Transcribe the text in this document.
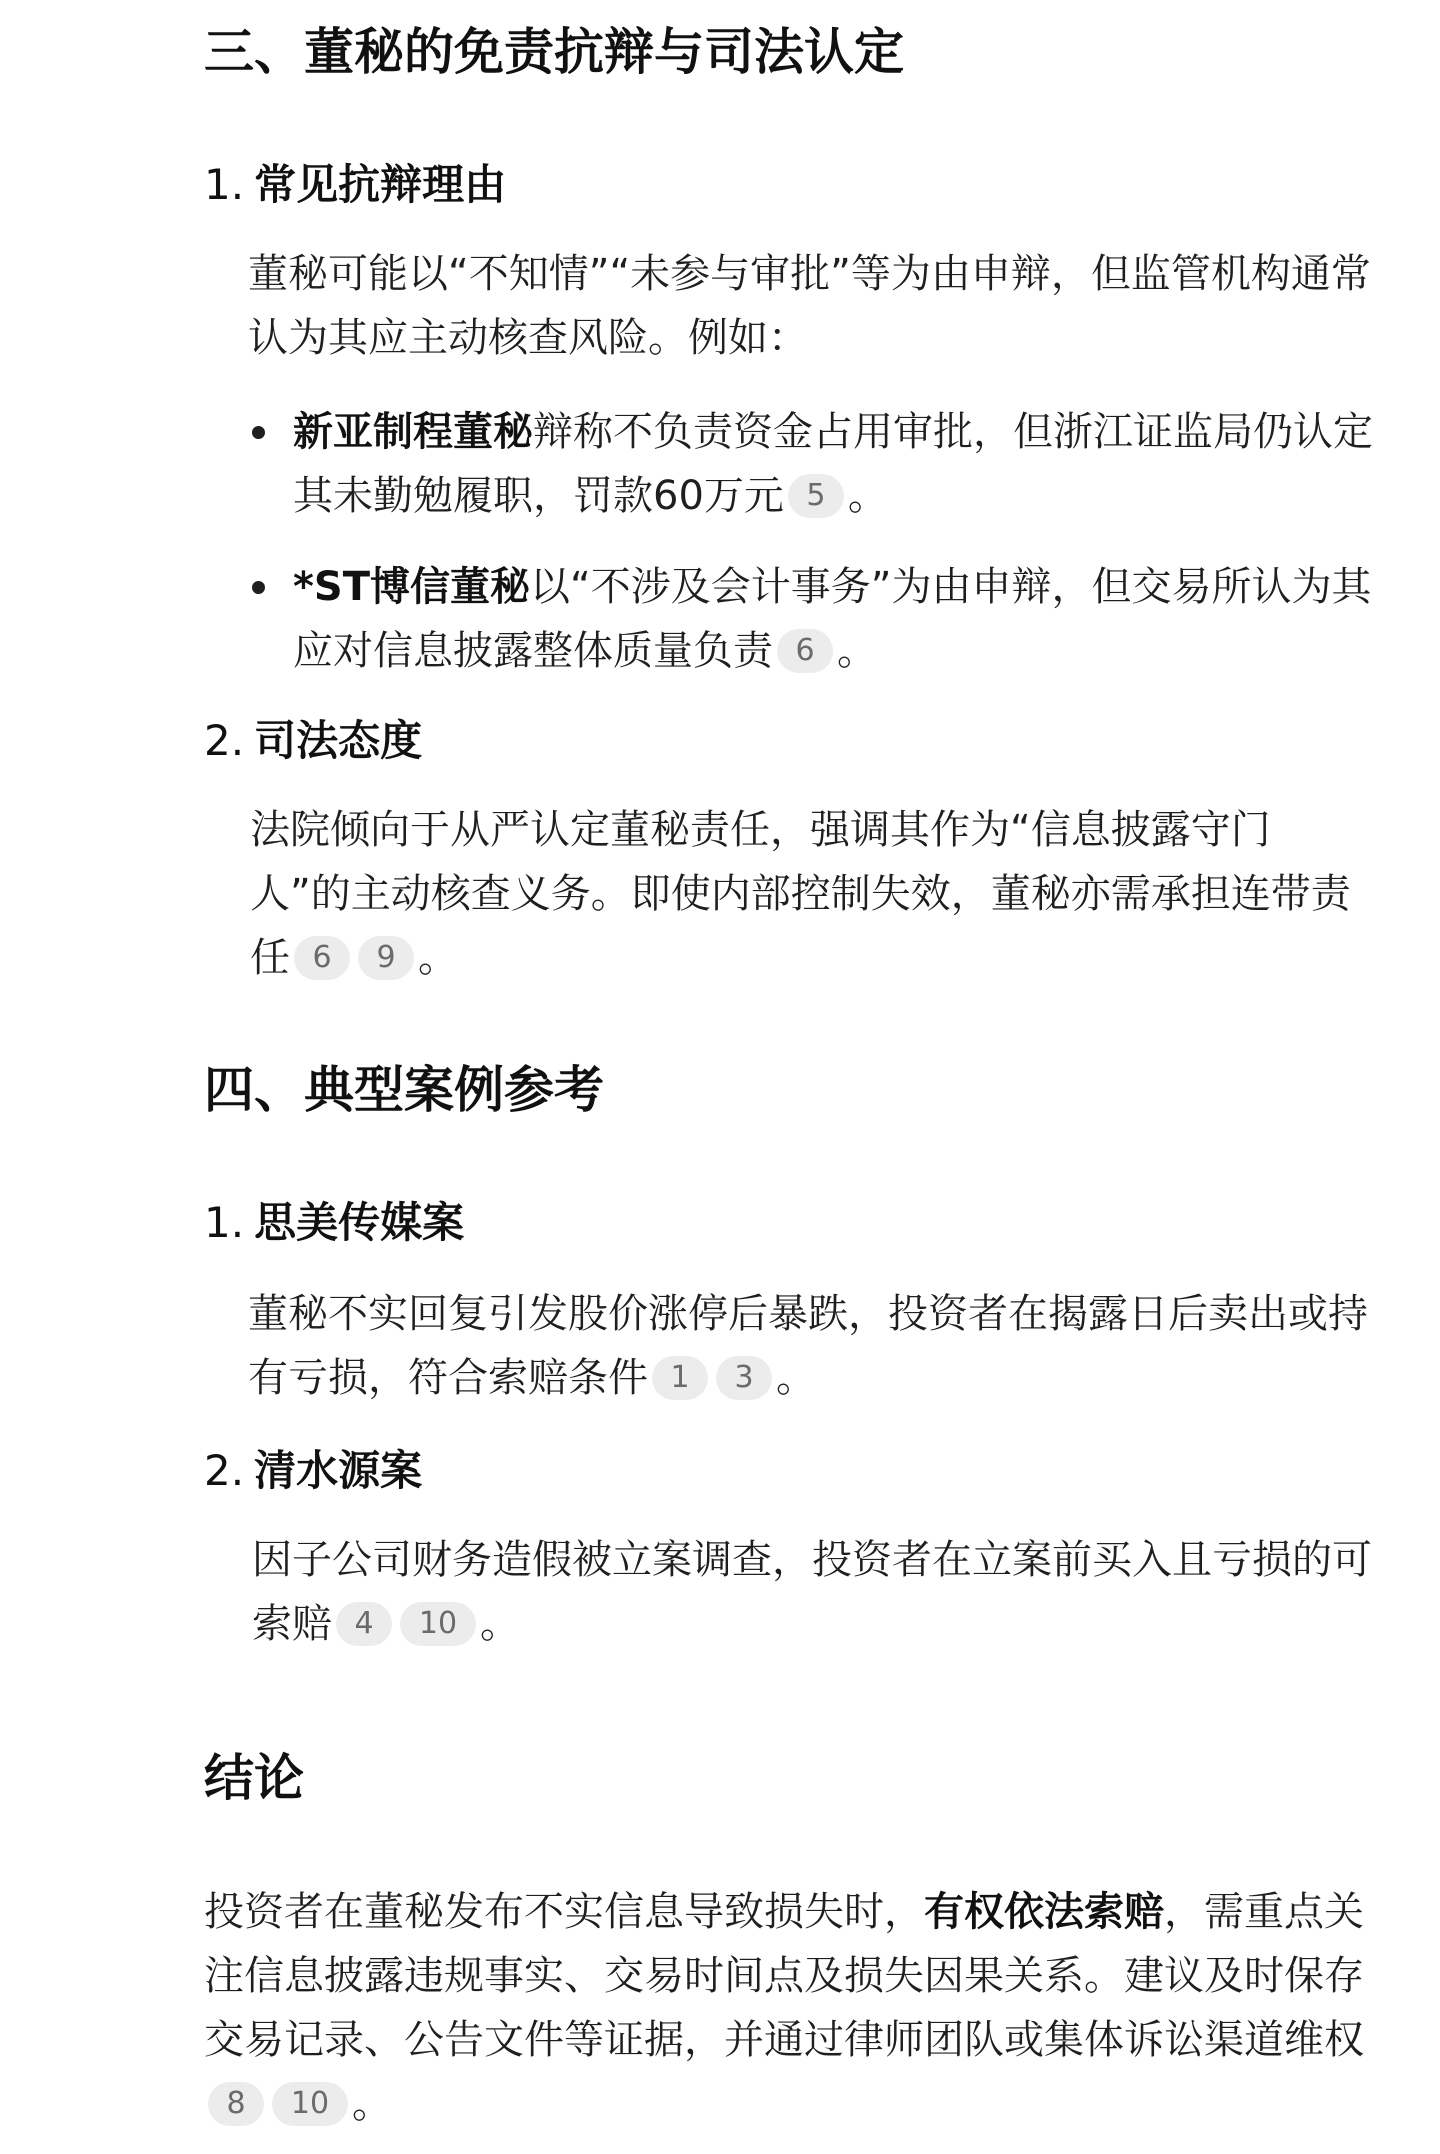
三、董秘的免责抗辩与司法认定
1. 常见抗辩理由

董秘可能以“不知情”“未参与审批”等为由申辩，但监管机构通常认为其应主动核查风险。例如：

新亚制程董秘辩称不负责资金占用审批，但浙江证监局仍认定其未勤勉履职，罚款60万元 5 。

*ST博信董秘以“不涉及会计事务”为由申辩，但交易所认为其应对信息披露整体质量负责 6 。

2. 司法态度

法院倾向于从严认定董秘责任，强调其作为“信息披露守门人”的主动核查义务。即使内部控制失效，董秘亦需承担连带责任 6 9 。

四、典型案例参考
1. 思美传媒案

董秘不实回复引发股价涨停后暴跌，投资者在揭露日后卖出或持有亏损，符合索赔条件 1 3 。

2. 清水源案

因子公司财务造假被立案调查，投资者在立案前买入且亏损的可索赔 4 10 。

结论

投资者在董秘发布不实信息导致损失时，有权依法索赔，需重点关注信息披露违规事实、交易时间点及损失因果关系。建议及时保存交易记录、公告文件等证据，并通过律师团队或集体诉讼渠道维权8 10 。
